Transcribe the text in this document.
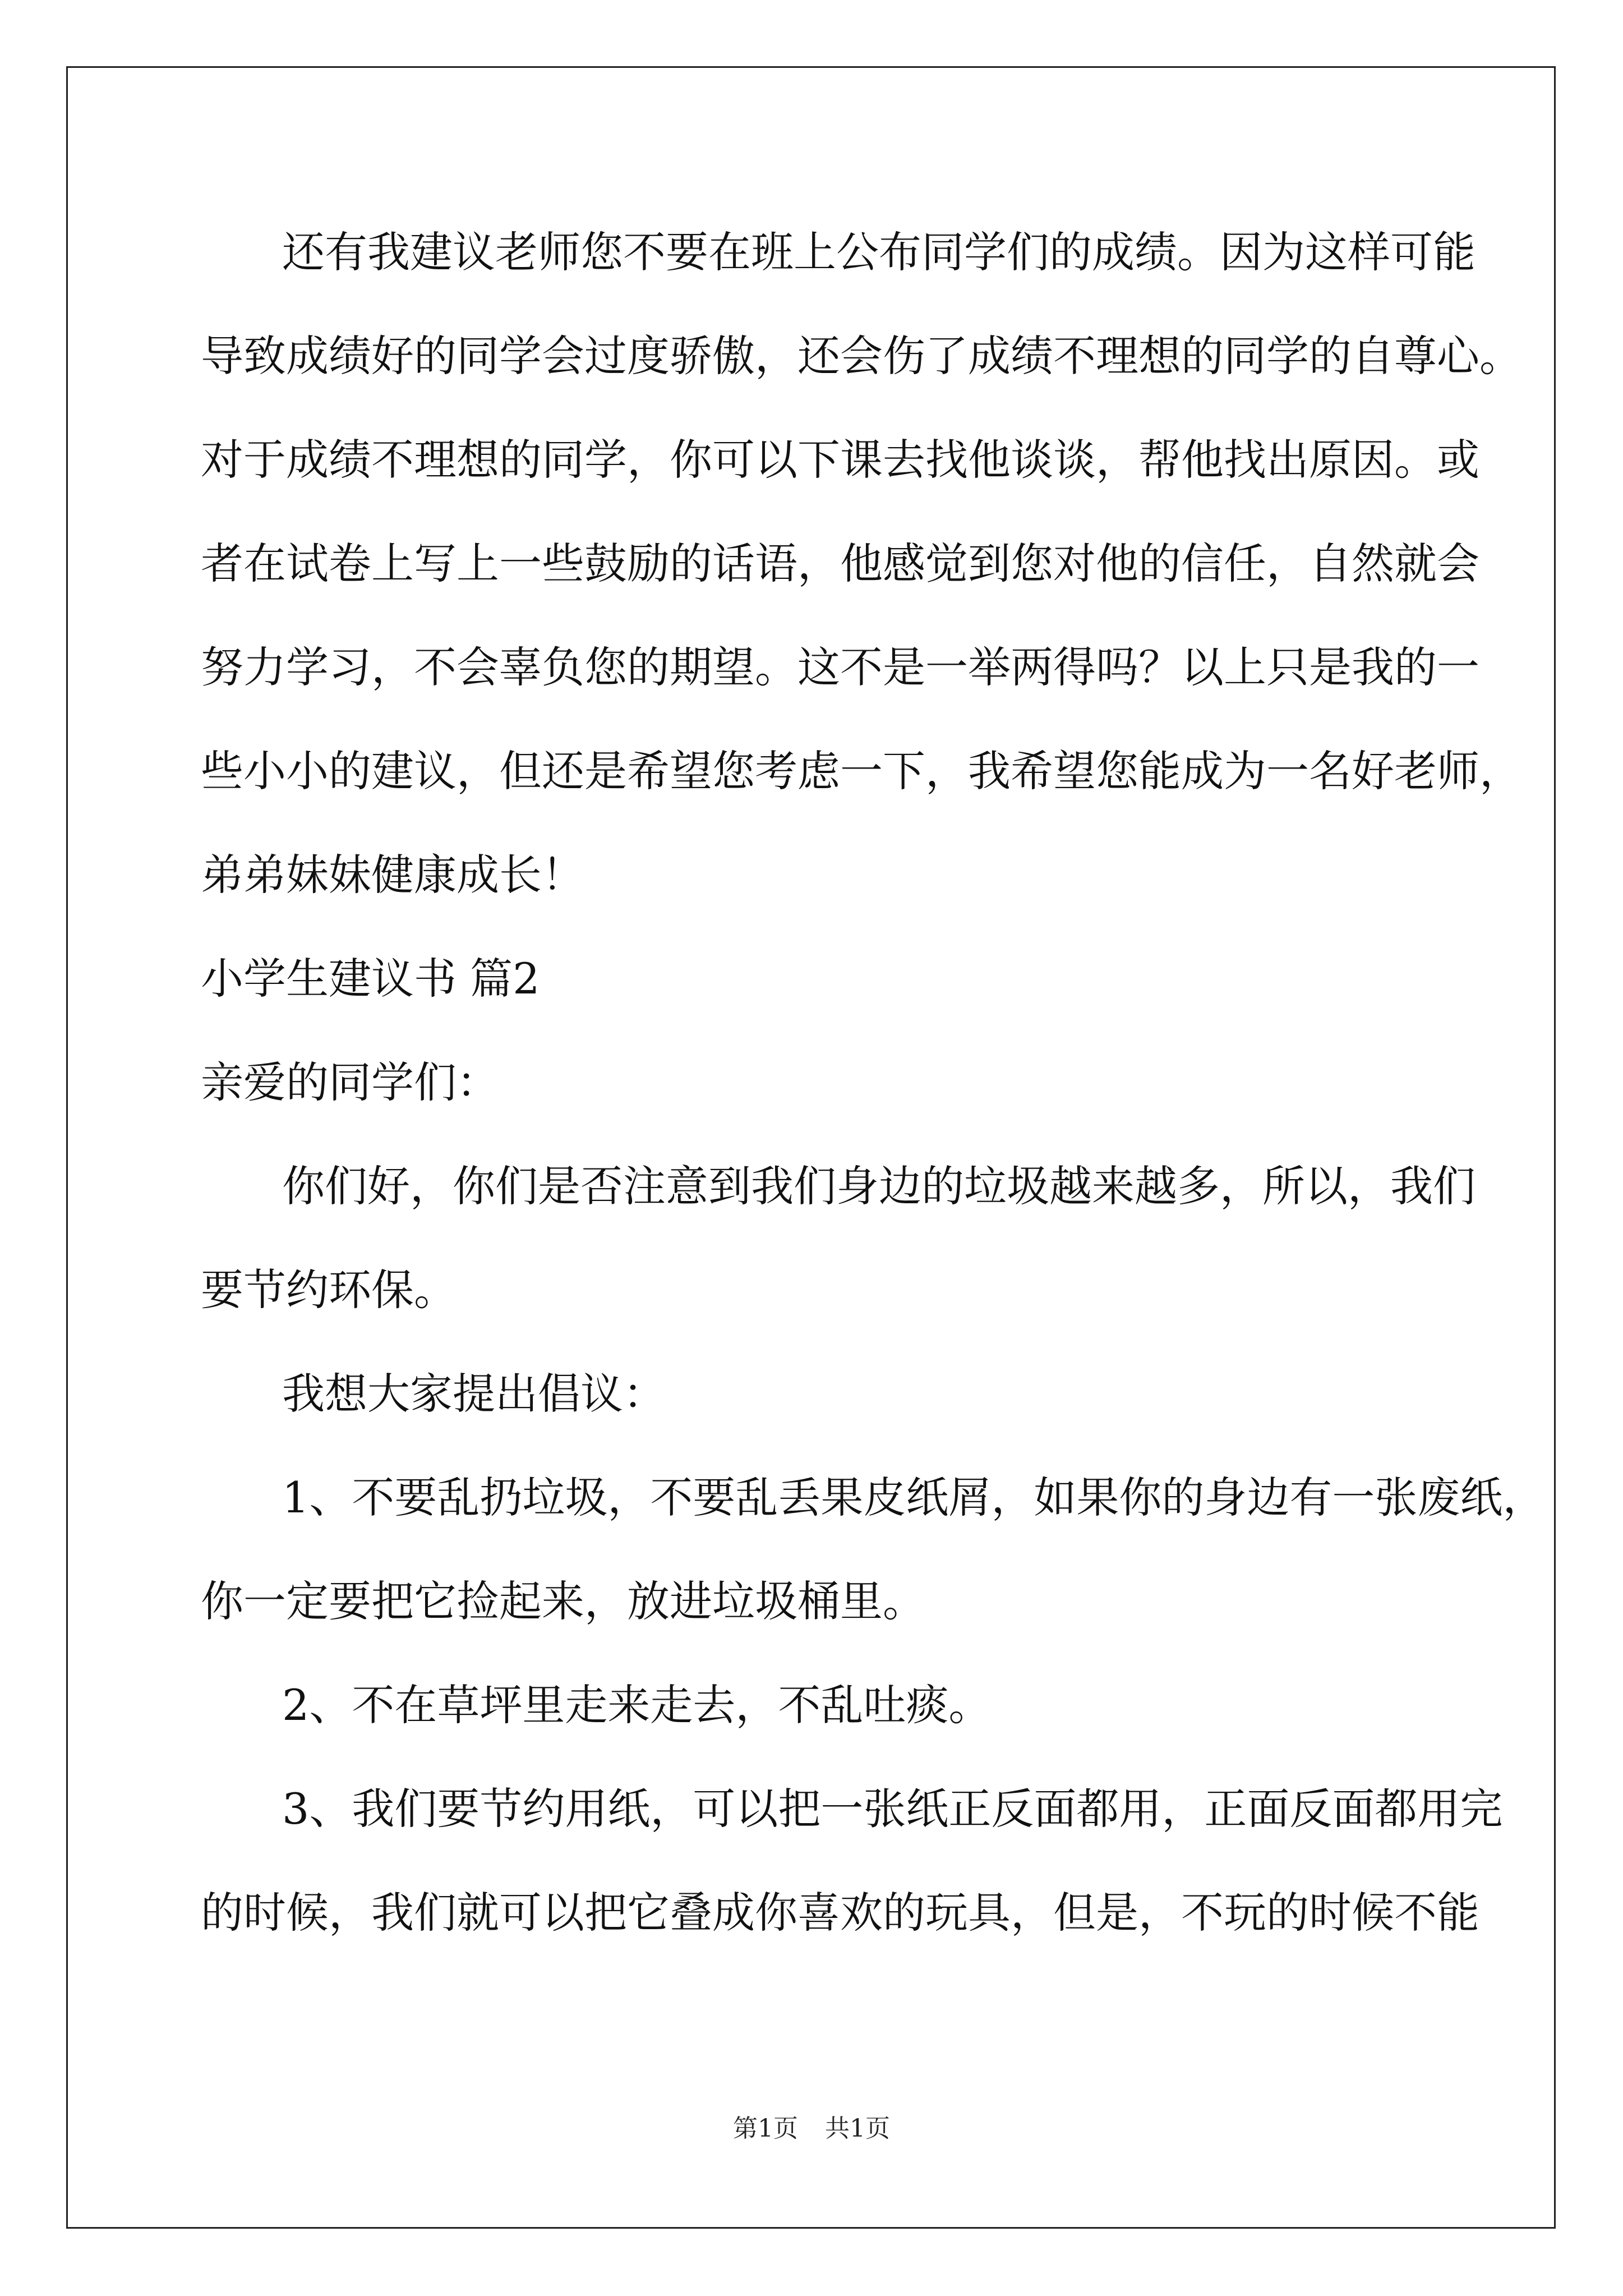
还有我建议老师您不要在班上公布同学们的成绩。因为这样可能
导致成绩好的同学会过度骄傲，还会伤了成绩不理想的同学的自尊心。
对于成绩不理想的同学，你可以下课去找他谈谈，帮他找出原因。或
者在试卷上写上一些鼓励的话语，他感觉到您对他的信任，自然就会
努力学习，不会辜负您的期望。这不是一举两得吗？以上只是我的一
些小小的建议，但还是希望您考虑一下，我希望您能成为一名好老师，
弟弟妹妹健康成长！
小学生建议书 篇2
亲爱的同学们：
你们好，你们是否注意到我们身边的垃圾越来越多，所以，我们
要节约环保。
我想大家提出倡议：
1、不要乱扔垃圾，不要乱丢果皮纸屑，如果你的身边有一张废纸，
你一定要把它捡起来，放进垃圾桶里。
2、不在草坪里走来走去，不乱吐痰。
3、我们要节约用纸，可以把一张纸正反面都用，正面反面都用完
的时候，我们就可以把它叠成你喜欢的玩具，但是，不玩的时候不能
第1页 共1页
